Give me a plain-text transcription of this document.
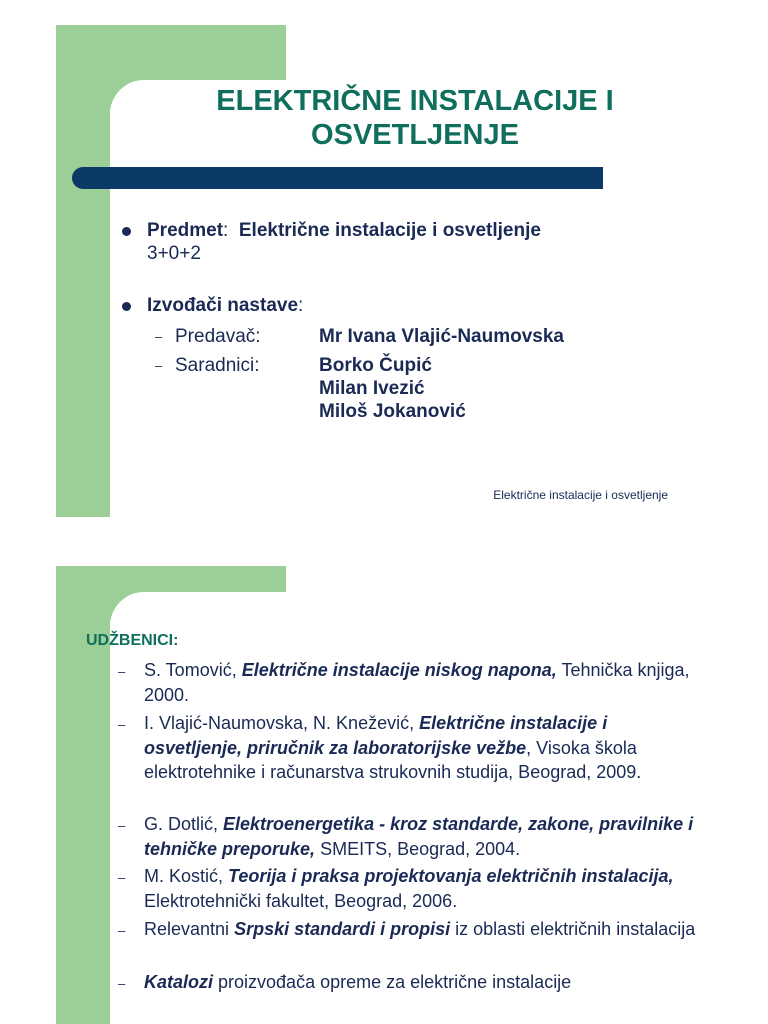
ELEKTRIČNE INSTALACIJE I
OSVETLJENJE
Predmet: Električne instalacije i osvetljenje
3+0+2
Izvođači nastave:
– Predavač:	Mr Ivana Vlajić-Naumovska
– Saradnici:	Borko Čupić
Milan Ivezić
Miloš Jokanović
Električne instalacije i osvetljenje
UDŽBENICI:
– S. Tomović, Električne instalacije niskog napona, Tehnička knjiga, 2000.
– I. Vlajić-Naumovska, N. Knežević, Električne instalacije i osvetljenje, priručnik za laboratorijske vežbe, Visoka škola elektrotehnike i računarstva strukovnih studija, Beograd, 2009.
– G. Dotlić, Elektroenergetika - kroz standarde, zakone, pravilnike i tehničke preporuke, SMEITS, Beograd, 2004.
– M. Kostić, Teorija i praksa projektovanja električnih instalacija, Elektrotehnički fakultet, Beograd, 2006.
– Relevantni Srpski standardi i propisi iz oblasti električnih instalacija
– Katalozi proizvođača opreme za električne instalacije
